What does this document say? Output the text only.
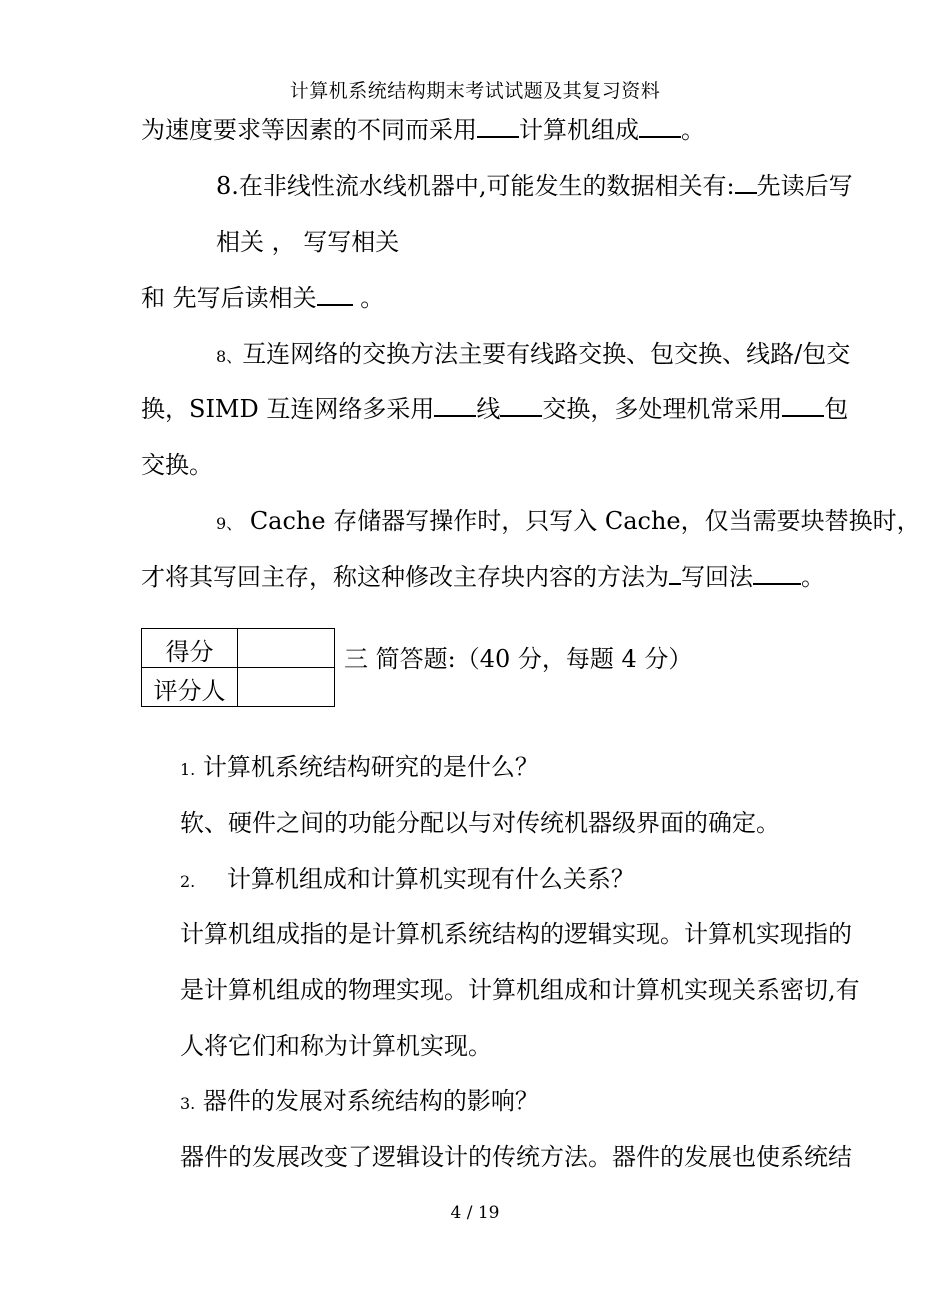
计算机系统结构期末考试试题及其复习资料
为速度要求等因素的不同而采用 计算机组成 。
8.在非线性流水线机器中,可能发生的数据相关有: 先读后写
相关 ， 写写相关
和 先写后读相关 。
8、互连网络的交换方法主要有线路交换、包交换、线路/包交
换，SIMD 互连网络多采用 线 交换，多处理机常采用 包
交换。
9、 Cache 存储器写操作时，只写入 Cache，仅当需要块替换时，
才将其写回主存，称这种修改主存块内容的方法为 写回法 。
得分	
评分人	
三 简答题:（40 分，每题 4 分）
1. 计算机系统结构研究的是什么？
软、硬件之间的功能分配以与对传统机器级界面的确定。
2. 计算机组成和计算机实现有什么关系？
计算机组成指的是计算机系统结构的逻辑实现。计算机实现指的
是计算机组成的物理实现。计算机组成和计算机实现关系密切,有
人将它们和称为计算机实现。
3. 器件的发展对系统结构的影响？
器件的发展改变了逻辑设计的传统方法。器件的发展也使系统结
4 / 19
